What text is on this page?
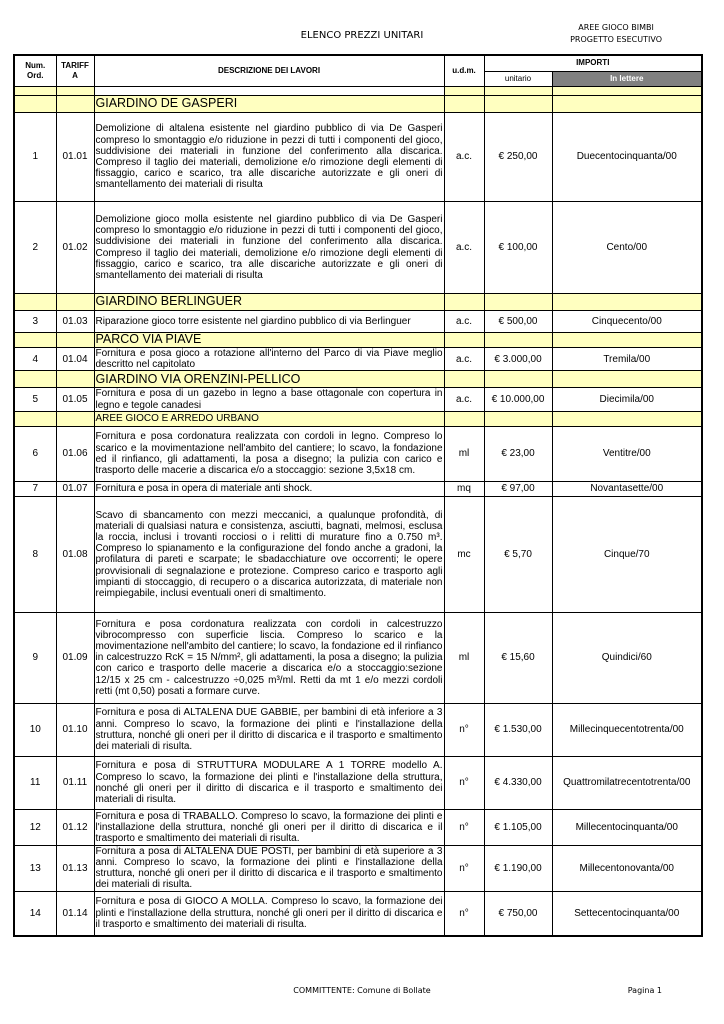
ELENCO PREZZI UNITARI
AREE GIOCO BIMBI
PROGETTO ESECUTIVO
Num. Ord.	TARIFF A	DESCRIZIONE DEI LAVORI	u.d.m.	IMPORTI	
				unitario	In lettere

		GIARDINO DE GASPERI			
1	01.01	Demolizione di altalena esistente nel giardino pubblico di via De Gasperi compreso lo smontaggio e/o riduzione in pezzi di tutti i componenti del gioco, suddivisione dei materiali in funzione del conferimento alla discarica. Compreso il taglio dei materiali, demolizione e/o rimozione degli elementi di fissaggio, carico e scarico, tra alle discariche autorizzate e gli oneri di smantellamento dei materiali di risulta	a.c.	€ 250,00	Duecentocinquanta/00
2	01.02	Demolizione gioco molla esistente nel giardino pubblico di via De Gasperi compreso lo smontaggio e/o riduzione in pezzi di tutti i componenti del gioco, suddivisione dei materiali in funzione del conferimento alla discarica. Compreso il taglio dei materiali, demolizione e/o rimozione degli elementi di fissaggio, carico e scarico, tra alle discariche autorizzate e gli oneri di smantellamento dei materiali di risulta	a.c.	€ 100,00	Cento/00
		GIARDINO BERLINGUER			
3	01.03	Riparazione gioco torre esistente nel giardino pubblico di via Berlinguer	a.c.	€ 500,00	Cinquecento/00
		PARCO VIA PIAVE			
4	01.04	Fornitura e posa gioco a rotazione all'interno del Parco di via Piave meglio descritto nel capitolato	a.c.	€ 3.000,00	Tremila/00
		GIARDINO VIA ORENZINI-PELLICO			
5	01.05	Fornitura e posa di un gazebo in legno a base ottagonale con copertura in legno e tegole canadesi	a.c.	€ 10.000,00	Diecimila/00
		AREE GIOCO E ARREDO URBANO			
6	01.06	Fornitura e posa cordonatura realizzata con cordoli in legno. Compreso lo scarico e la movimentazione nell'ambito del cantiere; lo scavo, la fondazione ed il rinfianco, gli adattamenti, la posa a disegno; la pulizia con carico e trasporto delle macerie a discarica e/o a stoccaggio: sezione 3,5x18 cm.	ml	€ 23,00	Ventitre/00
7	01.07	Fornitura e posa in opera di materiale anti shock.	mq	€ 97,00	Novantasette/00
8	01.08	Scavo di sbancamento con mezzi meccanici, a qualunque profondità, di materiali di qualsiasi natura e consistenza, asciutti, bagnati, melmosi, esclusa la roccia, inclusi i trovanti rocciosi o i relitti di murature fino a 0.750 m³. Compreso lo spianamento e la configurazione del fondo anche a gradoni, la profilatura di pareti e scarpate; le sbadacchiature ove occorrenti; le opere provvisionali di segnalazione e protezione. Compreso carico e trasporto agli impianti di stoccaggio, di recupero o a discarica autorizzata, di materiale non reimpiegabile, inclusi eventuali oneri di smaltimento.	mc	€ 5,70	Cinque/70
9	01.09	Fornitura e posa cordonatura realizzata con cordoli in calcestruzzo vibrocompresso con superficie liscia. Compreso lo scarico e la movimentazione nell'ambito del cantiere; lo scavo, la fondazione ed il rinfianco in calcestruzzo RcK = 15 N/mm², gli adattamenti, la posa a disegno; la pulizia con carico e trasporto delle macerie a discarica e/o a stoccaggio:sezione 12/15 x 25 cm - calcestruzzo ÷0,025 m³/ml. Retti da mt 1 e/o mezzi cordoli retti (mt 0,50) posati a formare curve.	ml	€ 15,60	Quindici/60
10	01.10	Fornitura e posa di ALTALENA DUE GABBIE, per bambini di età inferiore a 3 anni. Compreso lo scavo, la formazione dei plinti e l'installazione della struttura, nonché gli oneri per il diritto di discarica e il trasporto e smaltimento dei materiali di risulta.	n°	€ 1.530,00	Millecinquecentotrenta/00
11	01.11	Fornitura e posa di STRUTTURA MODULARE A 1 TORRE modello A. Compreso lo scavo, la formazione dei plinti e l'installazione della struttura, nonché gli oneri per il diritto di discarica e il trasporto e smaltimento dei materiali di risulta.	n°	€ 4.330,00	Quattromilatrecentotrenta/00
12	01.12	Fornitura e posa di TRABALLO. Compreso lo scavo, la formazione dei plinti e l'installazione della struttura, nonché gli oneri per il diritto di discarica e il trasporto e smaltimento dei materiali di risulta.	n°	€ 1.105,00	Millecentocinquanta/00
13	01.13	Fornitura a posa di ALTALENA DUE POSTI, per bambini di età superiore a 3 anni. Compreso lo scavo, la formazione dei plinti e l'installazione della struttura, nonché gli oneri per il diritto di discarica e il trasporto e smaltimento dei materiali di risulta.	n°	€ 1.190,00	Millecentonovanta/00
14	01.14	Fornitura e posa di GIOCO A MOLLA. Compreso lo scavo, la formazione dei plinti e l'installazione della struttura, nonché gli oneri per il diritto di discarica e il trasporto e smaltimento dei materiali di risulta.	n°	€ 750,00	Settecentocinquanta/00
COMMITTENTE: Comune di Bollate	Pagina 1
